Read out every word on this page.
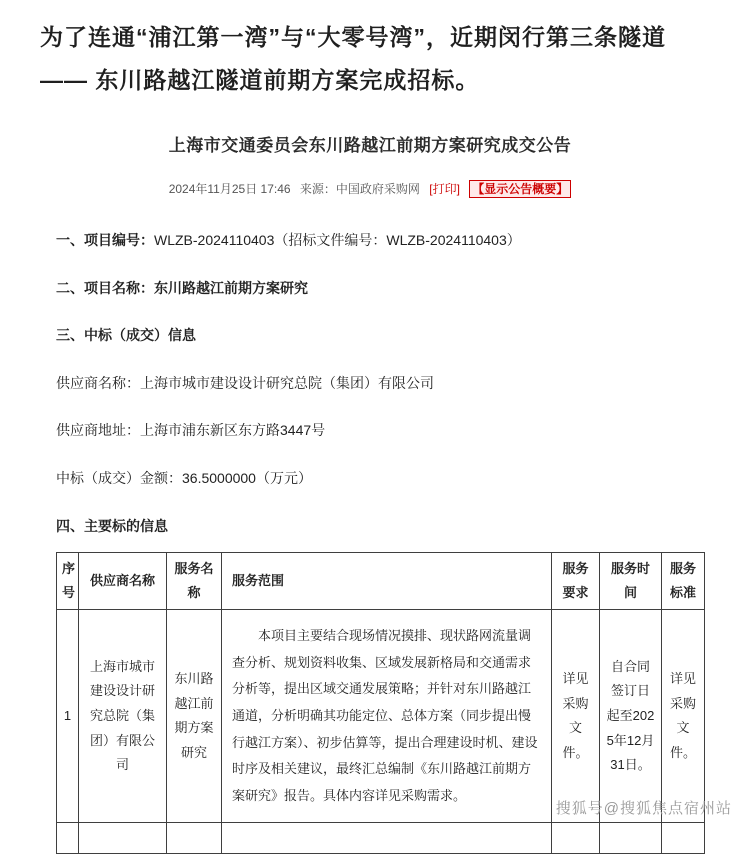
为了连通“浦江第一湾”与“大零号湾”，近期闵行第三条隧道 —— 东川路越江隧道前期方案完成招标。

上海市交通委员会东川路越江前期方案研究成交公告
2024年11月25日 17:46 来源：中国政府采购网 [打印] 【显示公告概要】

一、项目编号：WLZB-2024110403（招标文件编号：WLZB-2024110403）

二、项目名称：东川路越江前期方案研究

三、中标（成交）信息

供应商名称：上海市城市建设设计研究总院（集团）有限公司

供应商地址：上海市浦东新区东方路3447号

中标（成交）金额：36.5000000（万元）

四、主要标的信息

序号	供应商名称	服务名称	服务范围	服务要求	服务时间	服务标准
1	上海市城市建设设计研究总院（集团）有限公司	东川路越江前期方案研究	本项目主要结合现场情况摸排、现状路网流量调查分析、规划资料收集、区域发展新格局和交通需求分析等，提出区域交通发展策略；并针对东川路越江通道，分析明确其功能定位、总体方案（同步提出慢行越江方案）、初步估算等，提出合理建设时机、建设时序及相关建议，最终汇总编制《东川路越江前期方案研究》报告。具体内容详见采购需求。	详见采购文件。	自合同签订日起至2025年12月31日。	详见采购文件。

搜狐号@搜狐焦点宿州站
